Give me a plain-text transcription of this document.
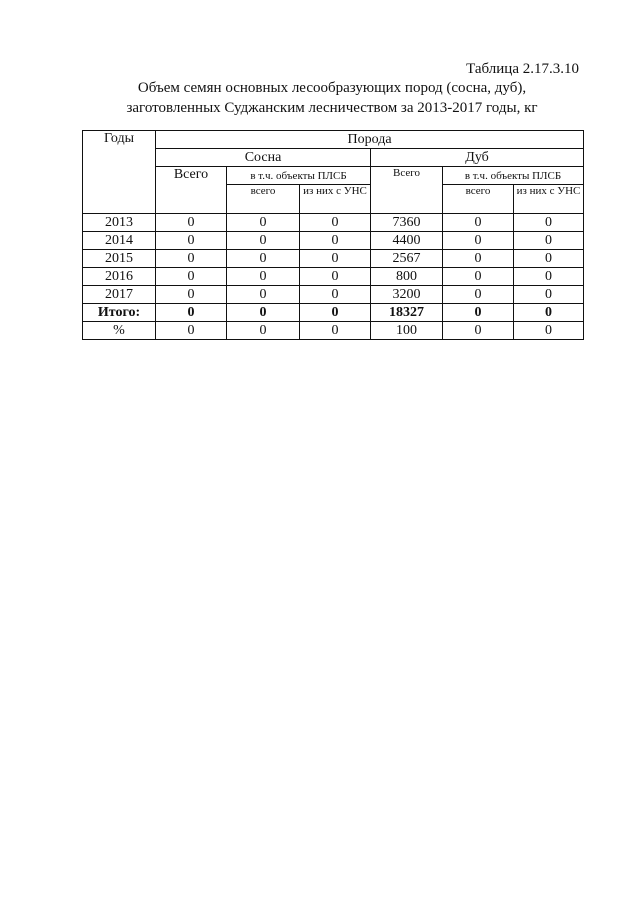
Таблица 2.17.3.10
Объем семян основных лесообразующих пород (сосна, дуб),
заготовленных Суджанским лесничеством за 2013-2017 годы, кг
Годы	Порода					
	Сосна			Дуб		
	Всего	в т.ч. объекты ПЛСБ		Всего	в т.ч. объекты ПЛСБ	
		всего	из них с УНС		всего	из них с УНС
2013	0	0	0	7360	0	0
2014	0	0	0	4400	0	0
2015	0	0	0	2567	0	0
2016	0	0	0	800	0	0
2017	0	0	0	3200	0	0
Итого:	0	0	0	18327	0	0
%	0	0	0	100	0	0
